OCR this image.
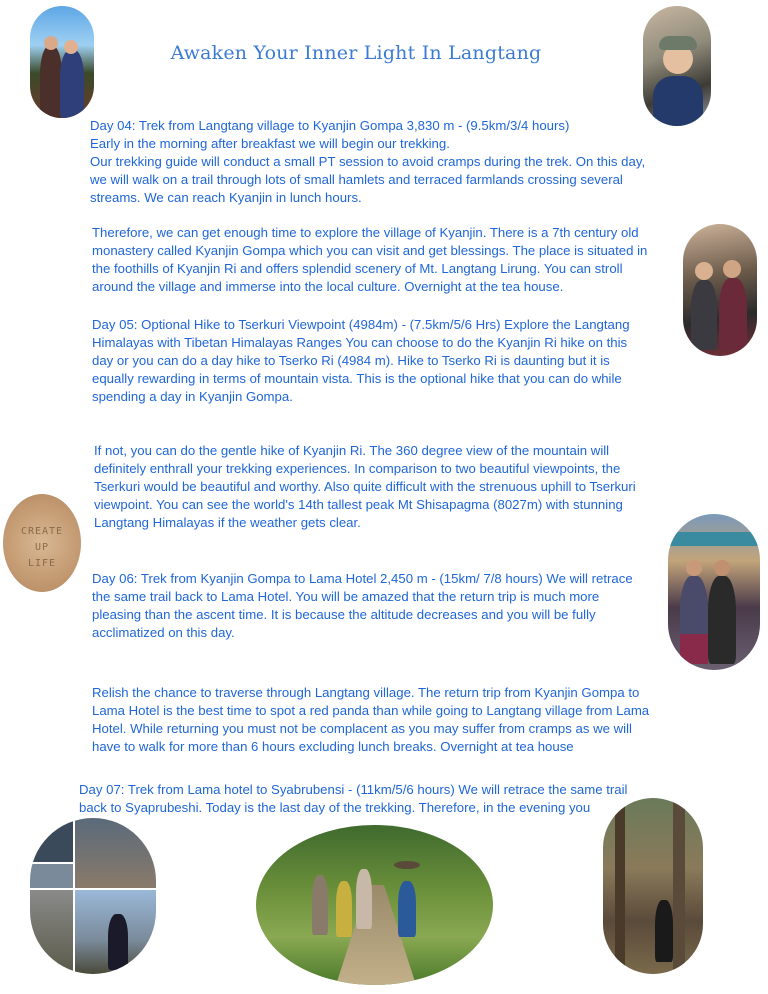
Awaken Your Inner Light In Langtang
CREATE
UP
LIFE
Day 04: Trek from Langtang village to Kyanjin Gompa 3,830 m - (9.5km/3/4 hours)
Early in the morning after breakfast we will begin our trekking.
Our trekking guide will conduct a small PT session to avoid cramps during the trek. On this day,
we will walk on a trail through lots of small hamlets and terraced farmlands crossing several
streams. We can reach Kyanjin in lunch hours.
Therefore, we can get enough time to explore the village of Kyanjin. There is a 7th century old
monastery called Kyanjin Gompa which you can visit and get blessings. The place is situated in
the foothills of Kyanjin Ri and offers splendid scenery of Mt. Langtang Lirung. You can stroll
around the village and immerse into the local culture. Overnight at the tea house.
Day 05: Optional Hike to Tserkuri Viewpoint (4984m) - (7.5km/5/6 Hrs) Explore the Langtang
Himalayas with Tibetan Himalayas Ranges You can choose to do the Kyanjin Ri hike on this
day or you can do a day hike to Tserko Ri (4984 m). Hike to Tserko Ri is daunting but it is
equally rewarding in terms of mountain vista. This is the optional hike that you can do while
spending a day in Kyanjin Gompa.
If not, you can do the gentle hike of Kyanjin Ri. The 360 degree view of the mountain will
definitely enthrall your trekking experiences. In comparison to two beautiful viewpoints, the
Tserkuri would be beautiful and worthy. Also quite difficult with the strenuous uphill to Tserkuri
viewpoint. You can see the world's 14th tallest peak Mt Shisapagma (8027m) with stunning
Langtang Himalayas if the weather gets clear.
Day 06: Trek from Kyanjin Gompa to Lama Hotel 2,450 m - (15km/ 7/8 hours) We will retrace
the same trail back to Lama Hotel. You will be amazed that the return trip is much more
pleasing than the ascent time. It is because the altitude decreases and you will be fully
acclimatized on this day.
Relish the chance to traverse through Langtang village. The return trip from Kyanjin Gompa to
Lama Hotel is the best time to spot a red panda than while going to Langtang village from Lama
Hotel. While returning you must not be complacent as you may suffer from cramps as we will
have to walk for more than 6 hours excluding lunch breaks. Overnight at tea house
Day 07: Trek from Lama hotel to Syabrubensi - (11km/5/6 hours) We will retrace the same trail
back to Syaprubeshi. Today is the last day of the trekking. Therefore, in the evening you
